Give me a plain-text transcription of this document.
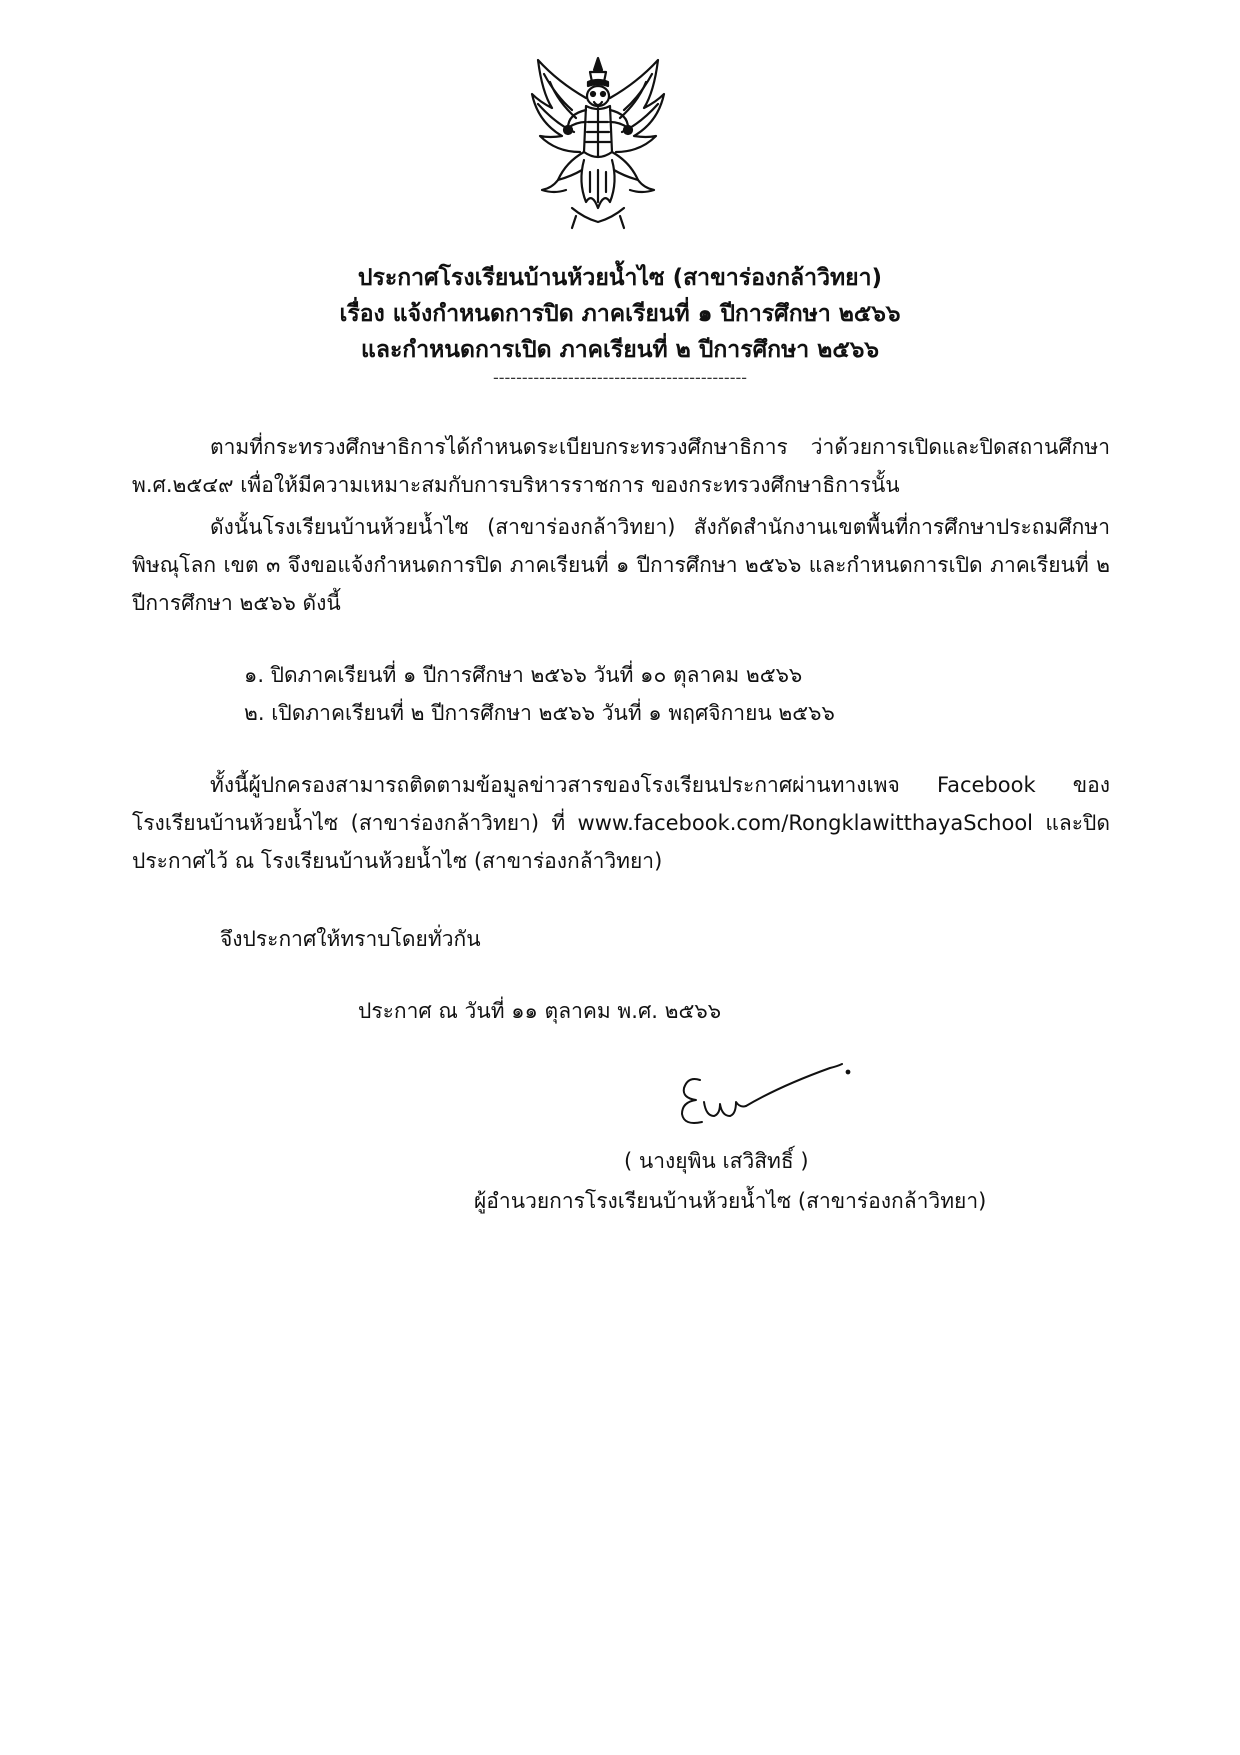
ประกาศโรงเรียนบ้านห้วยน้ำไซ (สาขาร่องกล้าวิทยา)
เรื่อง แจ้งกำหนดการปิด ภาคเรียนที่ ๑ ปีการศึกษา ๒๕๖๖
และกำหนดการเปิด ภาคเรียนที่ ๒ ปีการศึกษา ๒๕๖๖
--------------------------------------------
ตามที่กระทรวงศึกษาธิการได้กำหนดระเบียบกระทรวงศึกษาธิการ ว่าด้วยการเปิดและปิดสถานศึกษา พ.ศ.๒๕๔๙ เพื่อให้มีความเหมาะสมกับการบริหารราชการ ของกระทรวงศึกษาธิการนั้น
ดังนั้นโรงเรียนบ้านห้วยน้ำไซ (สาขาร่องกล้าวิทยา) สังกัดสำนักงานเขตพื้นที่การศึกษาประถมศึกษาพิษณุโลก เขต ๓ จึงขอแจ้งกำหนดการปิด ภาคเรียนที่ ๑ ปีการศึกษา ๒๕๖๖ และกำหนดการเปิด ภาคเรียนที่ ๒ ปีการศึกษา ๒๕๖๖ ดังนี้
๑. ปิดภาคเรียนที่ ๑ ปีการศึกษา ๒๕๖๖ วันที่ ๑๐ ตุลาคม ๒๕๖๖
๒. เปิดภาคเรียนที่ ๒ ปีการศึกษา ๒๕๖๖ วันที่ ๑ พฤศจิกายน ๒๕๖๖
ทั้งนี้ผู้ปกครองสามารถติดตามข้อมูลข่าวสารของโรงเรียนประกาศผ่านทางเพจ Facebook ของ โรงเรียนบ้านห้วยน้ำไซ (สาขาร่องกล้าวิทยา) ที่ www.facebook.com/RongklawitthayaSchool และปิดประกาศไว้ ณ โรงเรียนบ้านห้วยน้ำไซ (สาขาร่องกล้าวิทยา)
จึงประกาศให้ทราบโดยทั่วกัน
ประกาศ ณ วันที่ ๑๑ ตุลาคม พ.ศ. ๒๕๖๖
( นางยุพิน เสวิสิทธิ์ )
ผู้อำนวยการโรงเรียนบ้านห้วยน้ำไซ (สาขาร่องกล้าวิทยา)
